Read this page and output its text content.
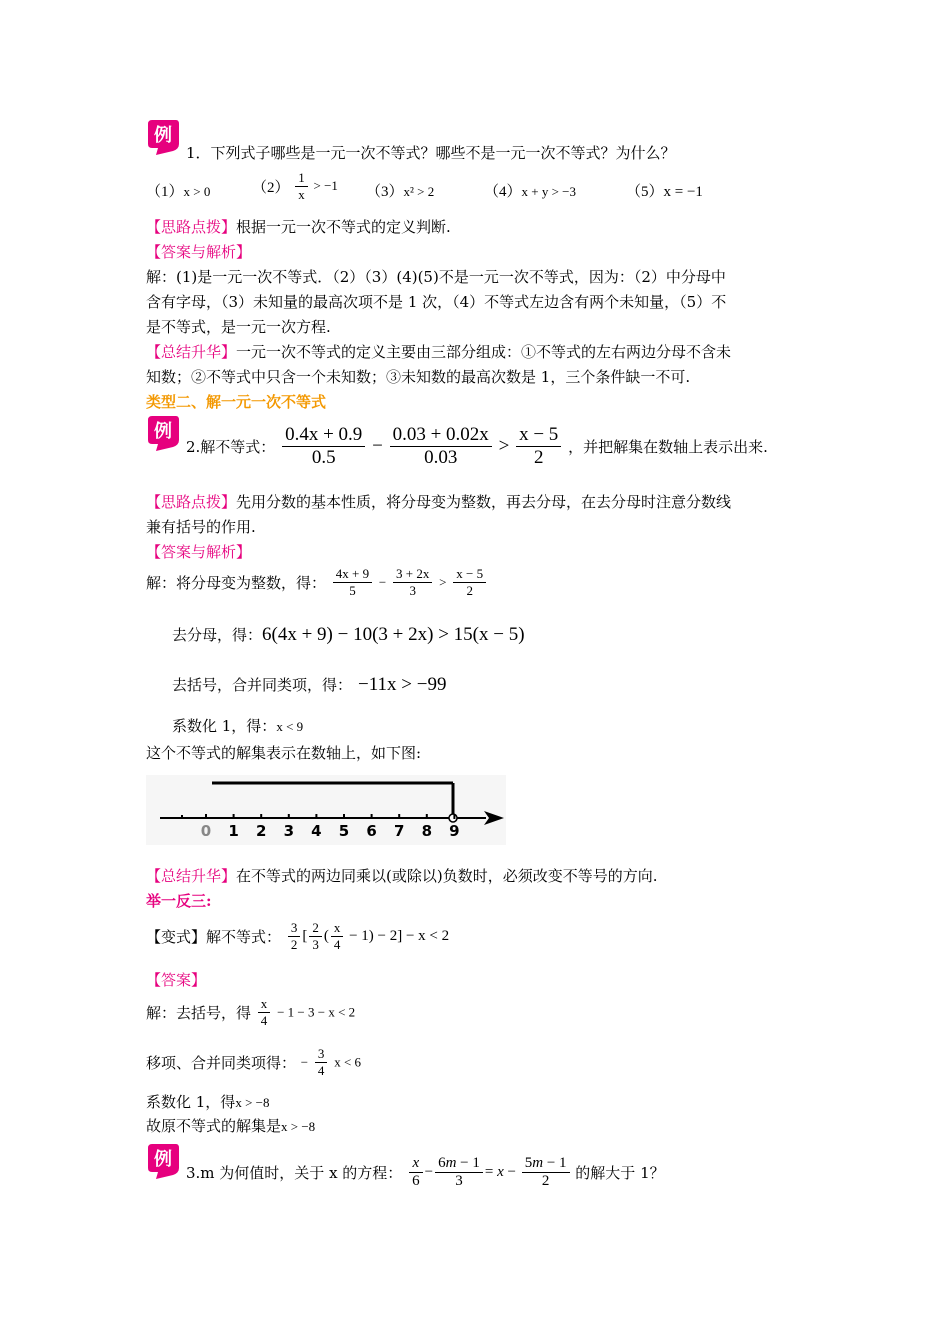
例
1．下列式子哪些是一元一次不等式？哪些不是一元一次不等式？为什么？
（1）x > 0	$(2) \frac{1}{x} > -1$ （3）x² > 2	（4）x + y > −3	（5）x = −1
【思路点拨】根据一元一次不等式的定义判断.
【答案与解析】
解：(1)是一元一次不等式．（2）（3）(4)(5)不是一元一次不等式，因为：（2）中分母中
含有字母，（3）未知量的最高次项不是 1 次，（4）不等式左边含有两个未知量，（5）不
是不等式，是一元一次方程.
【总结升华】一元一次不等式的定义主要由三部分组成：①不等式的左右两边分母不含未
知数；②不等式中只含一个未知数；③未知数的最高次数是 1，三个条件缺一不可.
类型二、解一元一次不等式
例
2.解不等式： $\frac{0.4x + 0.9}{0.5} - \frac{0.03 + 0.02x}{0.03} > \frac{x - 5}{2}$ ，并把解集在数轴上表示出来.
【思路点拨】先用分数的基本性质，将分母变为整数，再去分母，在去分母时注意分数线
兼有括号的作用.
【答案与解析】
解：将分母变为整数，得： $\frac{4x + 9}{5} - \frac{3 + 2x}{3} > \frac{x - 5}{2}$
去分母，得：6(4x + 9) − 10(3 + 2x) > 15(x − 5)
去括号，合并同类项，得： −11x > −99
系数化 1，得：x < 9
这个不等式的解集表示在数轴上，如下图:
0 1 2 3 4 5 6 7 8 9
【总结升华】在不等式的两边同乘以(或除以)负数时，必须改变不等号的方向.
举一反三:
【变式】解不等式： $\frac{3}{2}$ [ $\frac{2}{3}$ ( $\frac{x}{4} - 1) - 2] - x < 2$
【答案】
解：去括号，得 $\frac{x}{4} - 1 - 3 - x < 2$
移项、合并同类项得： − $\frac{3}{4}$ x < 6
系数化 1，得x > −8
故原不等式的解集是x > −8
例
3.m 为何值时，关于 x 的方程： $\frac{x}{6} - \frac{6m - 1}{3} = x - \frac{5m - 1}{2}$ 的解大于 1？
